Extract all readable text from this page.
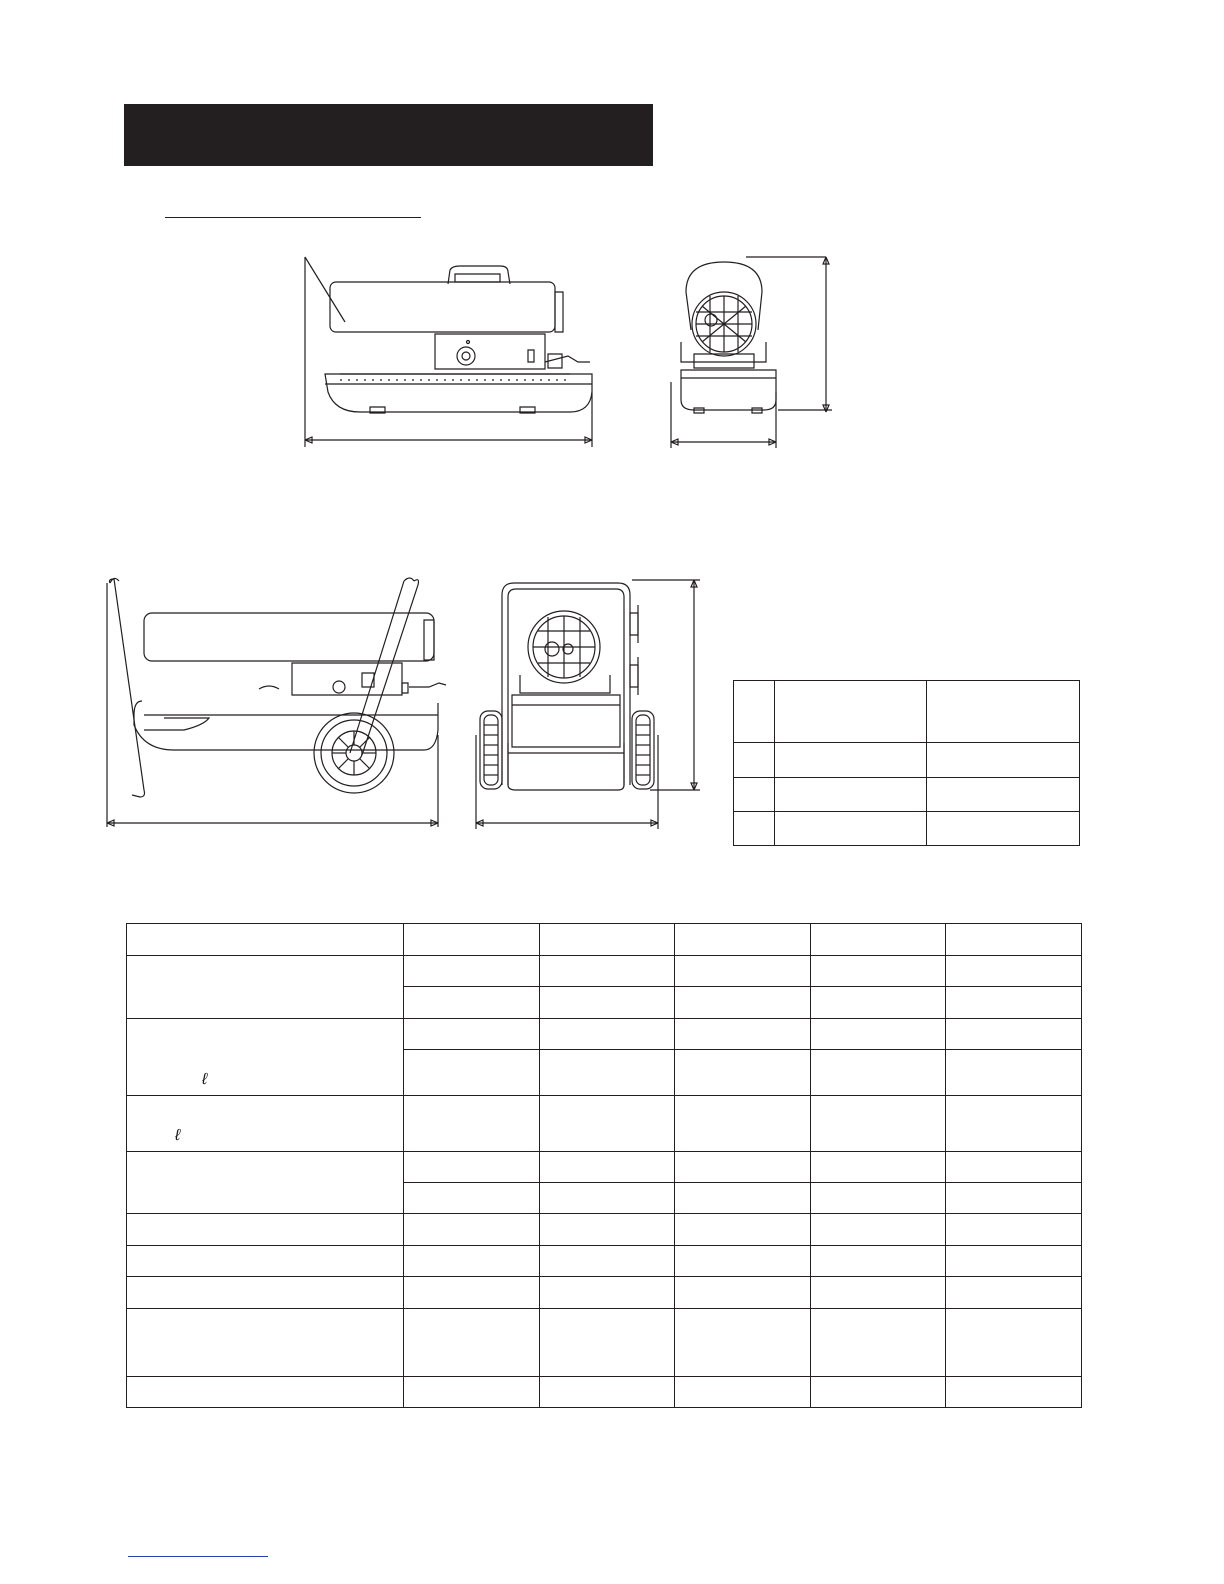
ℓ					

ℓ					
